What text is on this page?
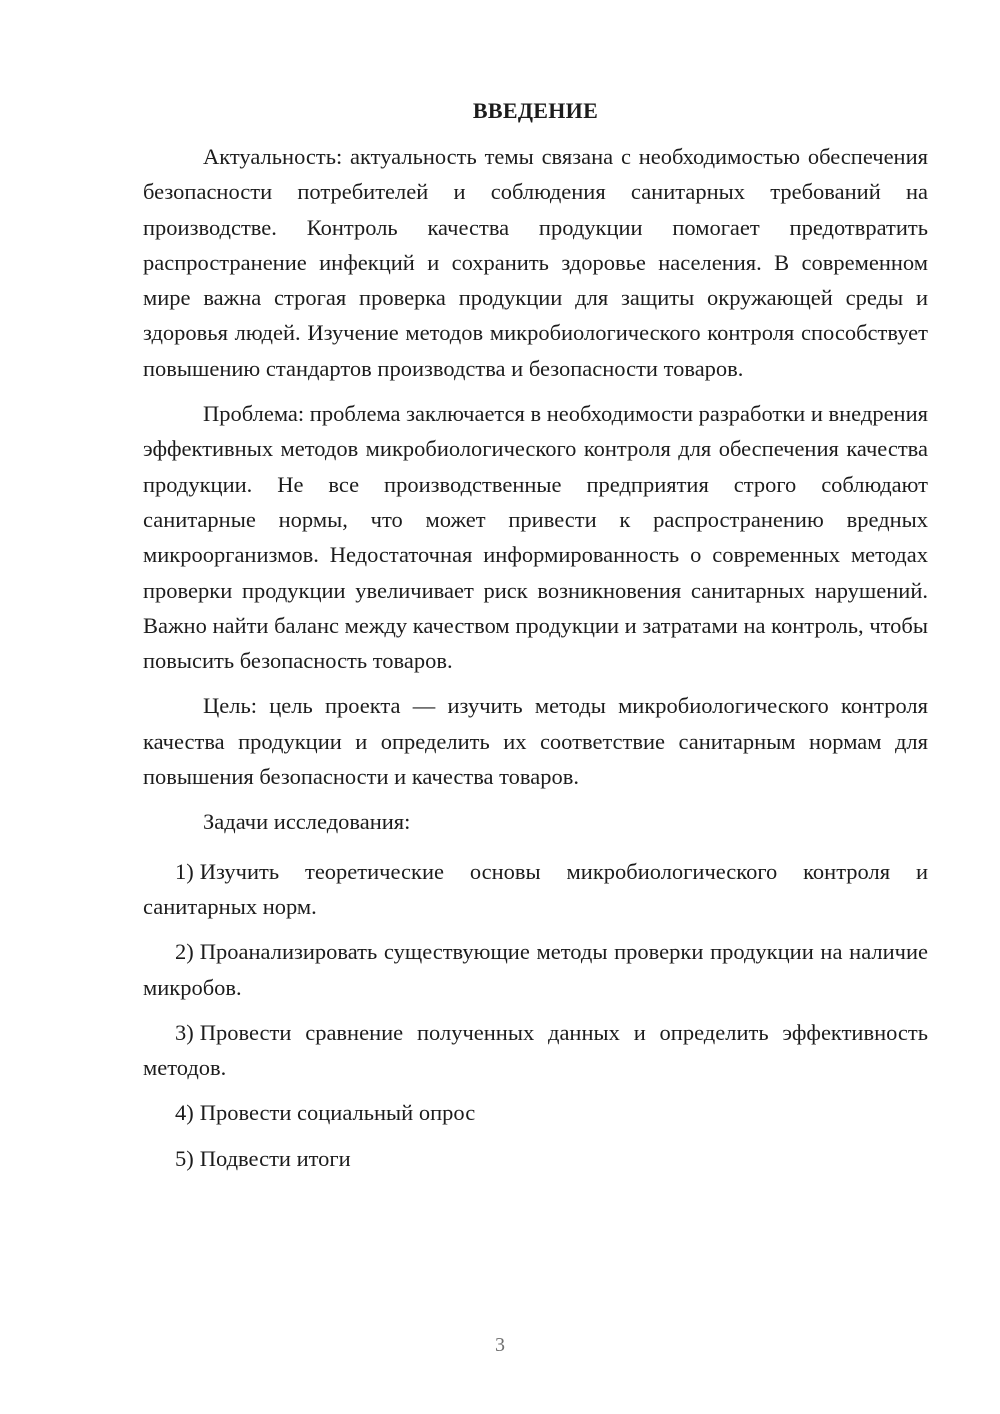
ВВЕДЕНИЕ

Актуальность: актуальность темы связана с необходимостью обеспечения безопасности потребителей и соблюдения санитарных требований на производстве. Контроль качества продукции помогает предотвратить распространение инфекций и сохранить здоровье населения. В современном мире важна строгая проверка продукции для защиты окружающей среды и здоровья людей. Изучение методов микробиологического контроля способствует повышению стандартов производства и безопасности товаров.

Проблема: проблема заключается в необходимости разработки и внедрения эффективных методов микробиологического контроля для обеспечения качества продукции. Не все производственные предприятия строго соблюдают санитарные нормы, что может привести к распространению вредных микроорганизмов. Недостаточная информированность о современных методах проверки продукции увеличивает риск возникновения санитарных нарушений. Важно найти баланс между качеством продукции и затратами на контроль, чтобы повысить безопасность товаров.

Цель: цель проекта — изучить методы микробиологического контроля качества продукции и определить их соответствие санитарным нормам для повышения безопасности и качества товаров.

Задачи исследования:

1) Изучить теоретические основы микробиологического контроля и санитарных норм.

2) Проанализировать существующие методы проверки продукции на наличие микробов.

3) Провести сравнение полученных данных и определить эффективность методов.

4) Провести социальный опрос

5) Подвести итоги

3
